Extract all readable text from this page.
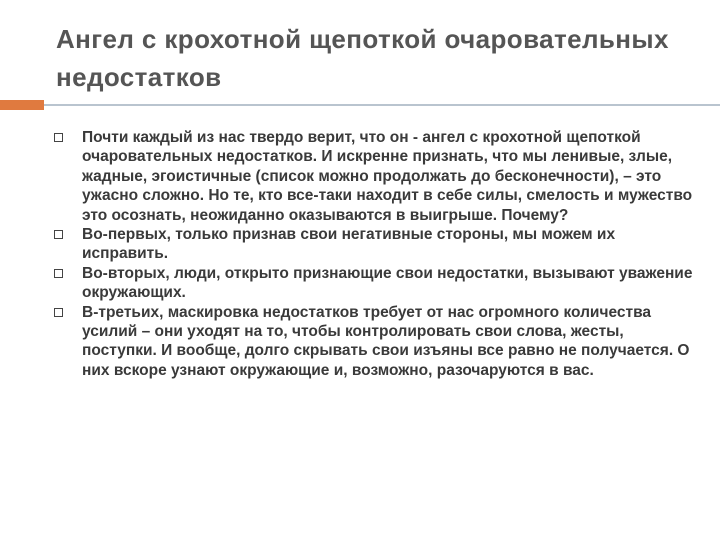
Ангел с крохотной щепоткой очаровательных недостатков
Почти каждый из нас твердо верит, что он - ангел с крохотной щепоткой очаровательных недостатков. И искренне признать, что мы ленивые, злые, жадные, эгоистичные (список можно продолжать до бесконечности), – это ужасно сложно. Но те, кто все-таки находит в себе силы, смелость и мужество это осознать, неожиданно оказываются в выигрыше. Почему?
Во‑первых, только признав свои негативные стороны, мы можем их исправить.
Во‑вторых, люди, открыто признающие свои недостатки, вызывают уважение окружающих.
В‑третьих, маскировка недостатков требует от нас огромного количества усилий – они уходят на то, чтобы контролировать свои слова, жесты, поступки. И вообще, долго скрывать свои изъяны все равно не получается. О них вскоре узнают окружающие и, возможно, разочаруются в вас.
